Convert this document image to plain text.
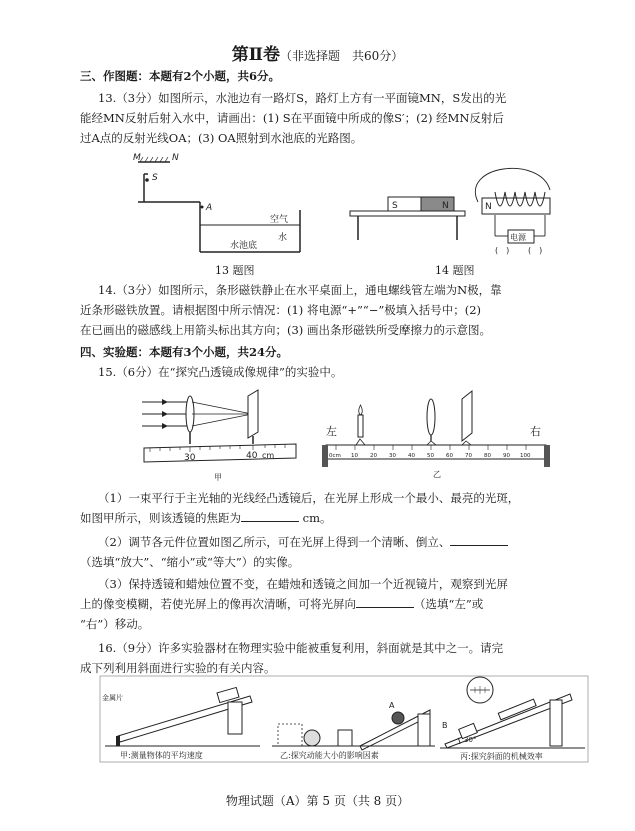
第Ⅱ卷（非选择题　共60分）
三、作图题：本题有2个小题，共6分。
13.（3分）如图所示，水池边有一路灯S，路灯上方有一平面镜MN，S发出的光
能经MN反射后射入水中，请画出：(1) S在平面镜中所成的像S′；(2) 经MN反射后
过A点的反射光线OA；(3) OA照射到水池底的光路图。
M	N
S
A
空气
水
水池底
S	N	N
电源
(　) (　)
13 题图	14 题图
14.（3分）如图所示，条形磁铁静止在水平桌面上，通电螺线管左端为N极，靠
近条形磁铁放置。请根据图中所示情况：(1) 将电源“+”“−”极填入括号中；(2)
在已画出的磁感线上用箭头标出其方向；(3) 画出条形磁铁所受摩擦力的示意图。
四、实验题：本题有3个小题，共24分。
15.（6分）在“探究凸透镜成像规律”的实验中。
30	40 cm
甲
左	右
0cm 10 20 30 40 50 60 70 80 90 100
乙
（1）一束平行于主光轴的光线经凸透镜后，在光屏上形成一个最小、最亮的光斑，
如图甲所示，则该透镜的焦距为	cm。
（2）调节各元件位置如图乙所示，可在光屏上得到一个清晰、倒立、
（选填“放大”、“缩小”或“等大”）的实像。
（3）保持透镜和蜡烛位置不变，在蜡烛和透镜之间加一个近视镜片，观察到光屏
上的像变模糊，若使光屏上的像再次清晰，可将光屏向	（选填“左”或
“右”）移动。
16.（9分）许多实验器材在物理实验中能被重复利用，斜面就是其中之一。请完
成下列利用斜面进行实验的有关内容。
金属片
甲:测量物体的平均速度
A
乙:探究动能大小的影响因素
B
30°
丙:探究斜面的机械效率
物理试题（A）第 5 页（共 8 页）
